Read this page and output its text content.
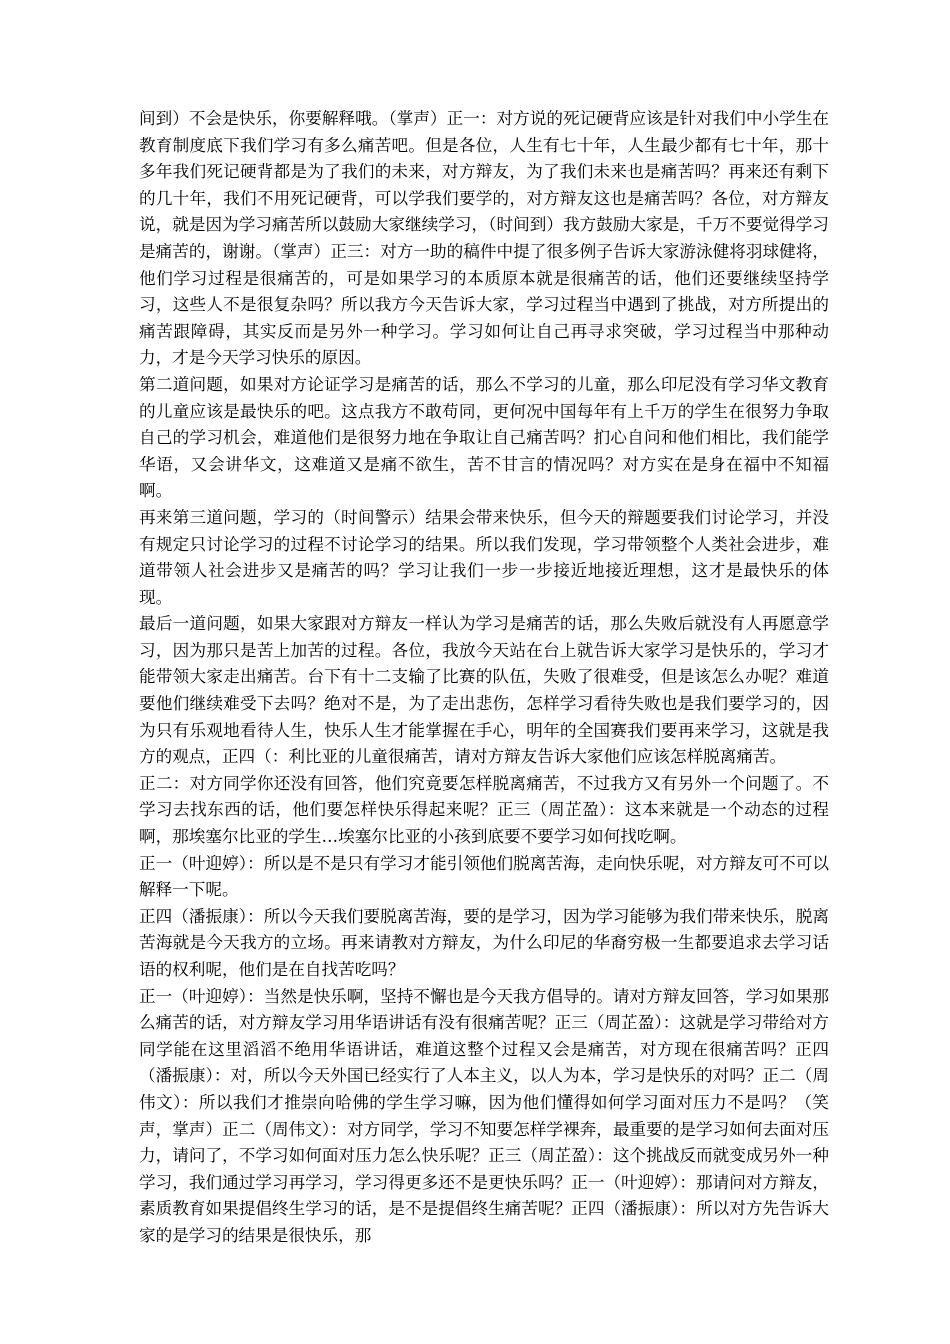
间到）不会是快乐，你要解释哦。（掌声）正一：对方说的死记硬背应该是针对我们中小学生在教育制度底下我们学习有多么痛苦吧。但是各位，人生有七十年，人生最少都有七十年，那十多年我们死记硬背都是为了我们的未来，对方辩友，为了我们未来也是痛苦吗？再来还有剩下的几十年，我们不用死记硬背，可以学我们要学的，对方辩友这也是痛苦吗？各位，对方辩友说，就是因为学习痛苦所以鼓励大家继续学习，（时间到）我方鼓励大家是，千万不要觉得学习是痛苦的，谢谢。（掌声）正三：对方一助的稿件中提了很多例子告诉大家游泳健将羽球健将，他们学习过程是很痛苦的，可是如果学习的本质原本就是很痛苦的话，他们还要继续坚持学习，这些人不是很复杂吗？所以我方今天告诉大家，学习过程当中遇到了挑战，对方所提出的痛苦跟障碍，其实反而是另外一种学习。学习如何让自己再寻求突破，学习过程当中那种动力，才是今天学习快乐的原因。

第二道问题，如果对方论证学习是痛苦的话，那么不学习的儿童，那么印尼没有学习华文教育的儿童应该是最快乐的吧。这点我方不敢苟同，更何况中国每年有上千万的学生在很努力争取自己的学习机会，难道他们是很努力地在争取让自己痛苦吗？扪心自问和他们相比，我们能学华语，又会讲华文，这难道又是痛不欲生，苦不甘言的情况吗？对方实在是身在福中不知福啊。

再来第三道问题，学习的（时间警示）结果会带来快乐，但今天的辩题要我们讨论学习，并没有规定只讨论学习的过程不讨论学习的结果。所以我们发现，学习带领整个人类社会进步，难道带领人社会进步又是痛苦的吗？学习让我们一步一步接近地接近理想，这才是最快乐的体现。

最后一道问题，如果大家跟对方辩友一样认为学习是痛苦的话，那么失败后就没有人再愿意学习，因为那只是苦上加苦的过程。各位，我放今天站在台上就告诉大家学习是快乐的，学习才能带领大家走出痛苦。台下有十二支输了比赛的队伍，失败了很难受，但是该怎么办呢？难道要他们继续难受下去吗？绝对不是，为了走出悲伤，怎样学习看待失败也是我们要学习的，因为只有乐观地看待人生，快乐人生才能掌握在手心，明年的全国赛我们要再来学习，这就是我方的观点，正四（：利比亚的儿童很痛苦，请对方辩友告诉大家他们应该怎样脱离痛苦。

正二：对方同学你还没有回答，他们究竟要怎样脱离痛苦，不过我方又有另外一个问题了。不学习去找东西的话，他们要怎样快乐得起来呢？正三（周芷盈）：这本来就是一个动态的过程啊，那埃塞尔比亚的学生…埃塞尔比亚的小孩到底要不要学习如何找吃啊。

正一（叶迎婷）：所以是不是只有学习才能引领他们脱离苦海，走向快乐呢，对方辩友可不可以解释一下呢。

正四（潘振康）：所以今天我们要脱离苦海，要的是学习，因为学习能够为我们带来快乐，脱离苦海就是今天我方的立场。再来请教对方辩友，为什么印尼的华裔穷极一生都要追求去学习话语的权利呢，他们是在自找苦吃吗？

正一（叶迎婷）：当然是快乐啊，坚持不懈也是今天我方倡导的。请对方辩友回答，学习如果那么痛苦的话，对方辩友学习用华语讲话有没有很痛苦呢？正三（周芷盈）：这就是学习带给对方同学能在这里滔滔不绝用华语讲话，难道这整个过程又会是痛苦，对方现在很痛苦吗？正四（潘振康）：对，所以今天外国已经实行了人本主义，以人为本，学习是快乐的对吗？正二（周伟文）：所以我们才推崇向哈佛的学生学习嘛，因为他们懂得如何学习面对压力不是吗？（笑声，掌声）正二（周伟文）：对方同学，学习不知要怎样学裸奔，最重要的是学习如何去面对压力，请问了，不学习如何面对压力怎么快乐呢？正三（周芷盈）：这个挑战反而就变成另外一种学习，我们通过学习再学习，学习得更多还不是更快乐吗？正一（叶迎婷）：那请问对方辩友，素质教育如果提倡终生学习的话，是不是提倡终生痛苦呢？正四（潘振康）：所以对方先告诉大家的是学习的结果是很快乐，那
